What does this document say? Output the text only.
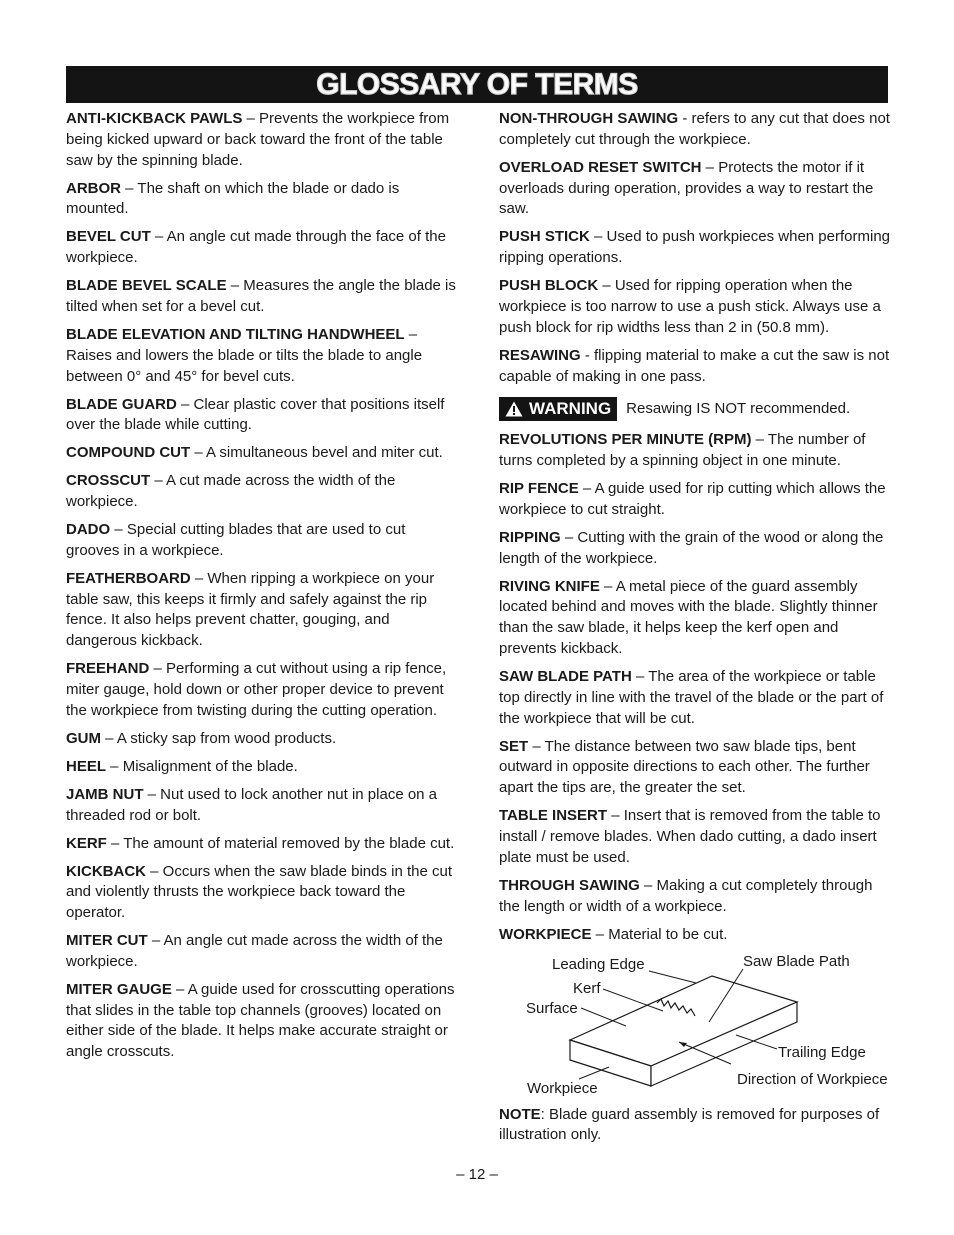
GLOSSARY OF TERMS

ANTI-KICKBACK PAWLS – Prevents the workpiece from being kicked upward or back toward the front of the table saw by the spinning blade.

ARBOR – The shaft on which the blade or dado is mounted.

BEVEL CUT – An angle cut made through the face of the workpiece.

BLADE BEVEL SCALE – Measures the angle the blade is tilted when set for a bevel cut.

BLADE ELEVATION AND TILTING HANDWHEEL – Raises and lowers the blade or tilts the blade to angle between 0° and 45° for bevel cuts.

BLADE GUARD – Clear plastic cover that positions itself over the blade while cutting.

COMPOUND CUT – A simultaneous bevel and miter cut.

CROSSCUT – A cut made across the width of the workpiece.

DADO – Special cutting blades that are used to cut grooves in a workpiece.

FEATHERBOARD – When ripping a workpiece on your table saw, this keeps it firmly and safely against the rip fence. It also helps prevent chatter, gouging, and dangerous kickback.

FREEHAND – Performing a cut without using a rip fence, miter gauge, hold down or other proper device to prevent the workpiece from twisting during the cutting operation.

GUM – A sticky sap from wood products.

HEEL – Misalignment of the blade.

JAMB NUT – Nut used to lock another nut in place on a threaded rod or bolt.

KERF – The amount of material removed by the blade cut.

KICKBACK – Occurs when the saw blade binds in the cut and violently thrusts the workpiece back toward the operator.

MITER CUT – An angle cut made across the width of the workpiece.

MITER GAUGE – A guide used for crosscutting operations that slides in the table top channels (grooves) located on either side of the blade. It helps make accurate straight or angle crosscuts.

NON-THROUGH SAWING - refers to any cut that does not completely cut through the workpiece.

OVERLOAD RESET SWITCH – Protects the motor if it overloads during operation, provides a way to restart the saw.

PUSH STICK – Used to push workpieces when performing ripping operations.

PUSH BLOCK – Used for ripping operation when the workpiece is too narrow to use a push stick. Always use a push block for rip widths less than 2 in (50.8 mm).

RESAWING - flipping material to make a cut the saw is not capable of making in one pass.

WARNING Resawing IS NOT recommended.

REVOLUTIONS PER MINUTE (RPM) – The number of turns completed by a spinning object in one minute.

RIP FENCE – A guide used for rip cutting which allows the workpiece to cut straight.

RIPPING – Cutting with the grain of the wood or along the length of the workpiece.

RIVING KNIFE – A metal piece of the guard assembly located behind and moves with the blade. Slightly thinner than the saw blade, it helps keep the kerf open and prevents kickback.

SAW BLADE PATH – The area of the workpiece or table top directly in line with the travel of the blade or the part of the workpiece that will be cut.

SET – The distance between two saw blade tips, bent outward in opposite directions to each other. The further apart the tips are, the greater the set.

TABLE INSERT – Insert that is removed from the table to install / remove blades. When dado cutting, a dado insert plate must be used.

THROUGH SAWING – Making a cut completely through the length or width of a workpiece.

WORKPIECE – Material to be cut.

Leading Edge	Saw Blade Path
Kerf
Surface
Trailing Edge
Workpiece
Direction of Workpiece

NOTE: Blade guard assembly is removed for purposes of illustration only.

– 12 –
